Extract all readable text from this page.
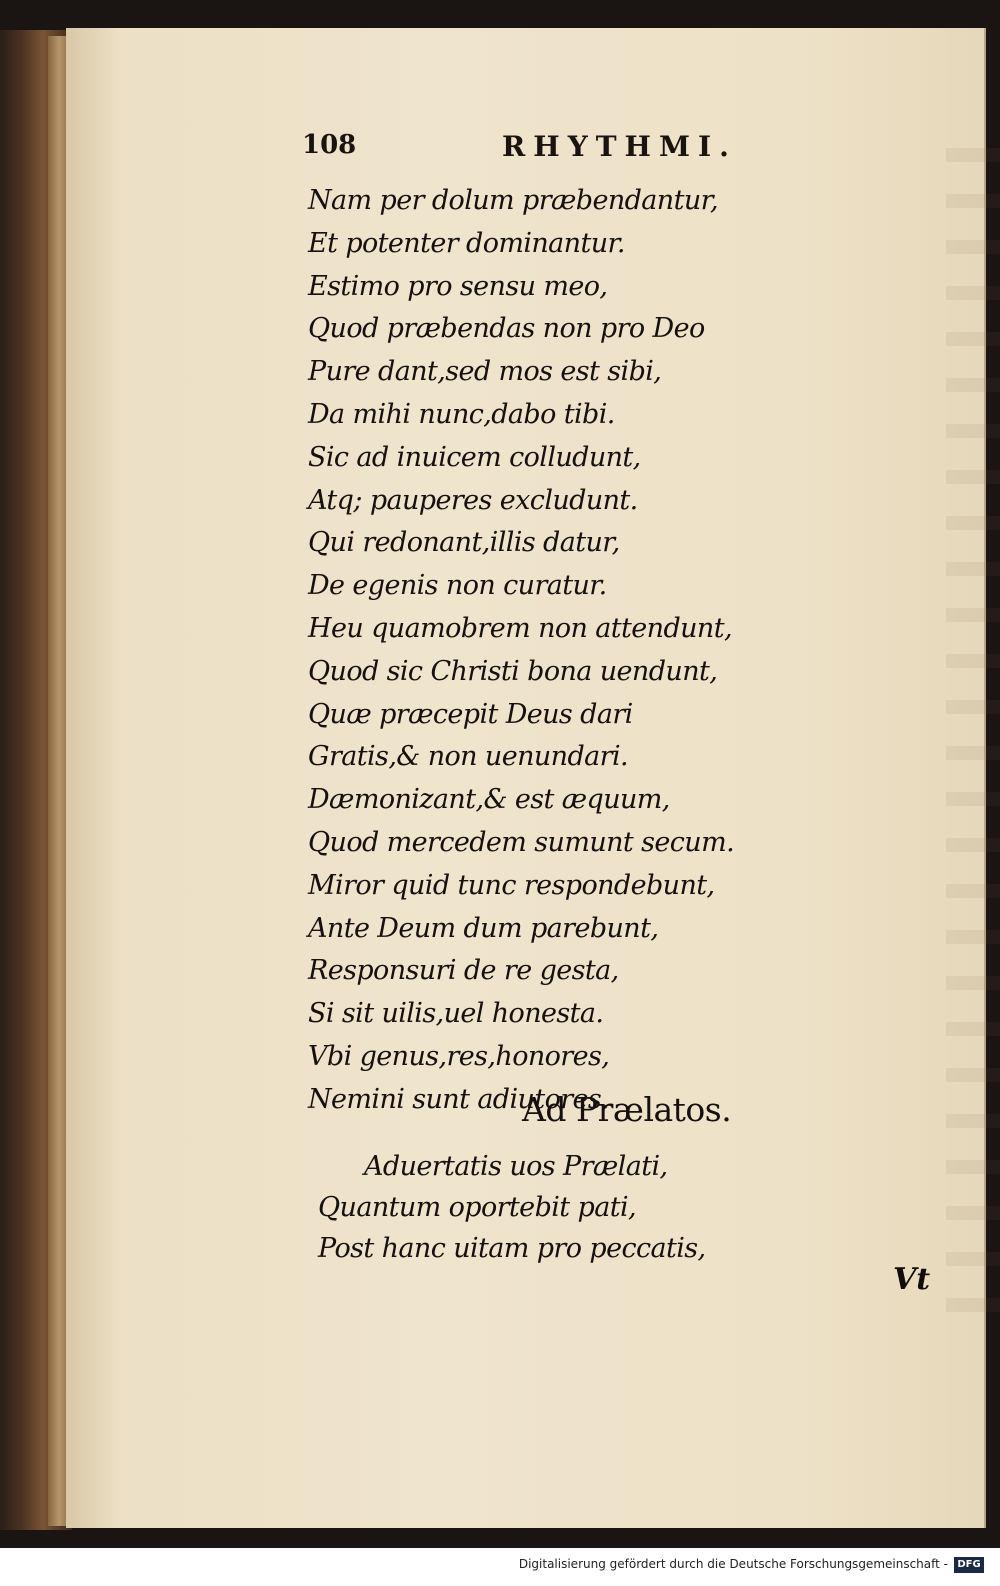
108	RHYTHMI.
Nam per dolum præbendantur,
Et potenter dominantur.
Estimo pro sensu meo,
Quod præbendas non pro Deo
Pure dant,sed mos est sibi,
Da mihi nunc,dabo tibi.
Sic ad inuicem colludunt,
Atq; pauperes excludunt.
Qui redonant,illis datur,
De egenis non curatur.
Heu quamobrem non attendunt,
Quod sic Christi bona uendunt,
Quæ præcepit Deus dari
Gratis,& non uenundari.
Dæmonizant,& est æquum,
Quod mercedem sumunt secum.
Miror quid tunc respondebunt,
Ante Deum dum parebunt,
Responsuri de re gesta,
Si sit uilis,uel honesta.
Vbi genus,res,honores,
Nemini sunt adiutores.
Ad Prælatos.
Aduertatis uos Prælati,
Quantum oportebit pati,
Post hanc uitam pro peccatis,
Vt
Digitalisierung gefördert durch die Deutsche Forschungsgemeinschaft - DFG
